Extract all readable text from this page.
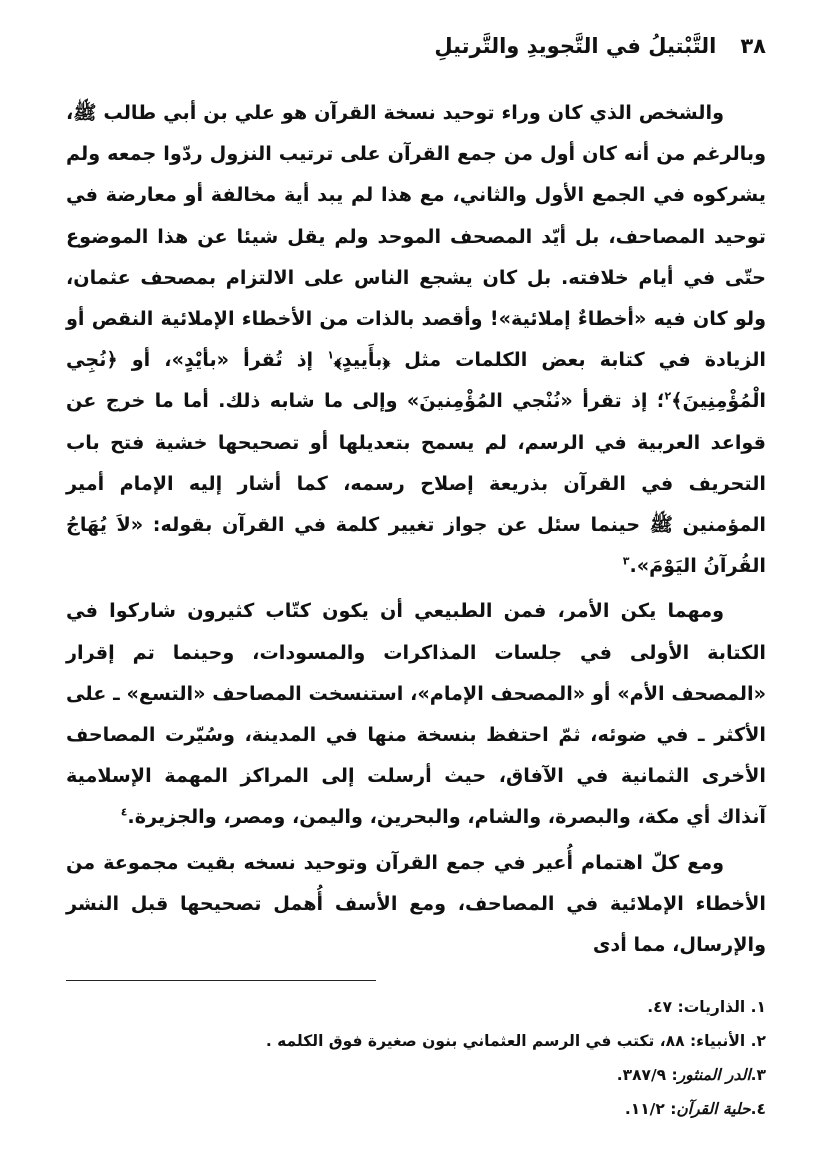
٣٨
التَّبْتيلُ في التَّجويدِ والتَّرتيلِ

والشخص الذي كان وراء توحيد نسخة القرآن هو علي بن أبي طالب ﷺ، وبالرغم من أنه كان أول من جمع القرآن على ترتيب النزول ردّوا جمعه ولم يشركوه في الجمع الأول والثاني، مع هذا لم يبد أية مخالفة أو معارضة في توحيد المصاحف، بل أيّد المصحف الموحد ولم يقل شيئا عن هذا الموضوع حتّى في أيام خلافته. بل كان يشجع الناس على الالتزام بمصحف عثمان، ولو كان فيه «أخطاءٌ إملائية»! وأقصد بالذات من الأخطاء الإملائية النقص أو الزيادة في كتابة بعض الكلمات مثل ﴿بأَييدٍ﴾$^١$ إذ تُقرأ «بأيْدٍ»، أو ﴿نُجِي الْمُؤْمِنِينَ﴾$^٢$؛ إذ تقرأ «نُنْجي المُؤْمِنينَ» وإلى ما شابه ذلك. أما ما خرج عن قواعد العربية في الرسم، لم يسمح بتعديلها أو تصحيحها خشية فتح باب التحريف في القرآن بذريعة إصلاح رسمه، كما أشار إليه الإمام أمير المؤمنين ﷺ حينما سئل عن جواز تغيير كلمة في القرآن بقوله: «لاَ يُهَاجُ القُرآنُ اليَوْمَ».$^٣$

ومهما يكن الأمر، فمن الطبيعي أن يكون كتّاب كثيرون شاركوا في الكتابة الأولى في جلسات المذاكرات والمسودات، وحينما تم إقرار «المصحف الأم» أو «المصحف الإمام»، استنسخت المصاحف «التسع» ـ على الأكثر ـ في ضوئه، ثمّ احتفظ بنسخة منها في المدينة، وسُيّرت المصاحف الأخرى الثمانية في الآفاق، حيث أرسلت إلى المراكز المهمة الإسلامية آنذاك أي مكة، والبصرة، والشام، والبحرين، واليمن، ومصر، والجزيرة.$^٤$

ومع كلّ اهتمام أُعير في جمع القرآن وتوحيد نسخه بقيت مجموعة من الأخطاء الإملائية في المصاحف، ومع الأسف أُهمل تصحيحها قبل النشر والإرسال، مما أدى

١. الذاريات: ٤٧.

٢. الأنبياء: ٨٨، تكتب في الرسم العثماني بنون صغيرة فوق الكلمه .

٣.الدر المنثور: ٣٨٧/٩.

٤.حلية القرآن: ١١/٢.
